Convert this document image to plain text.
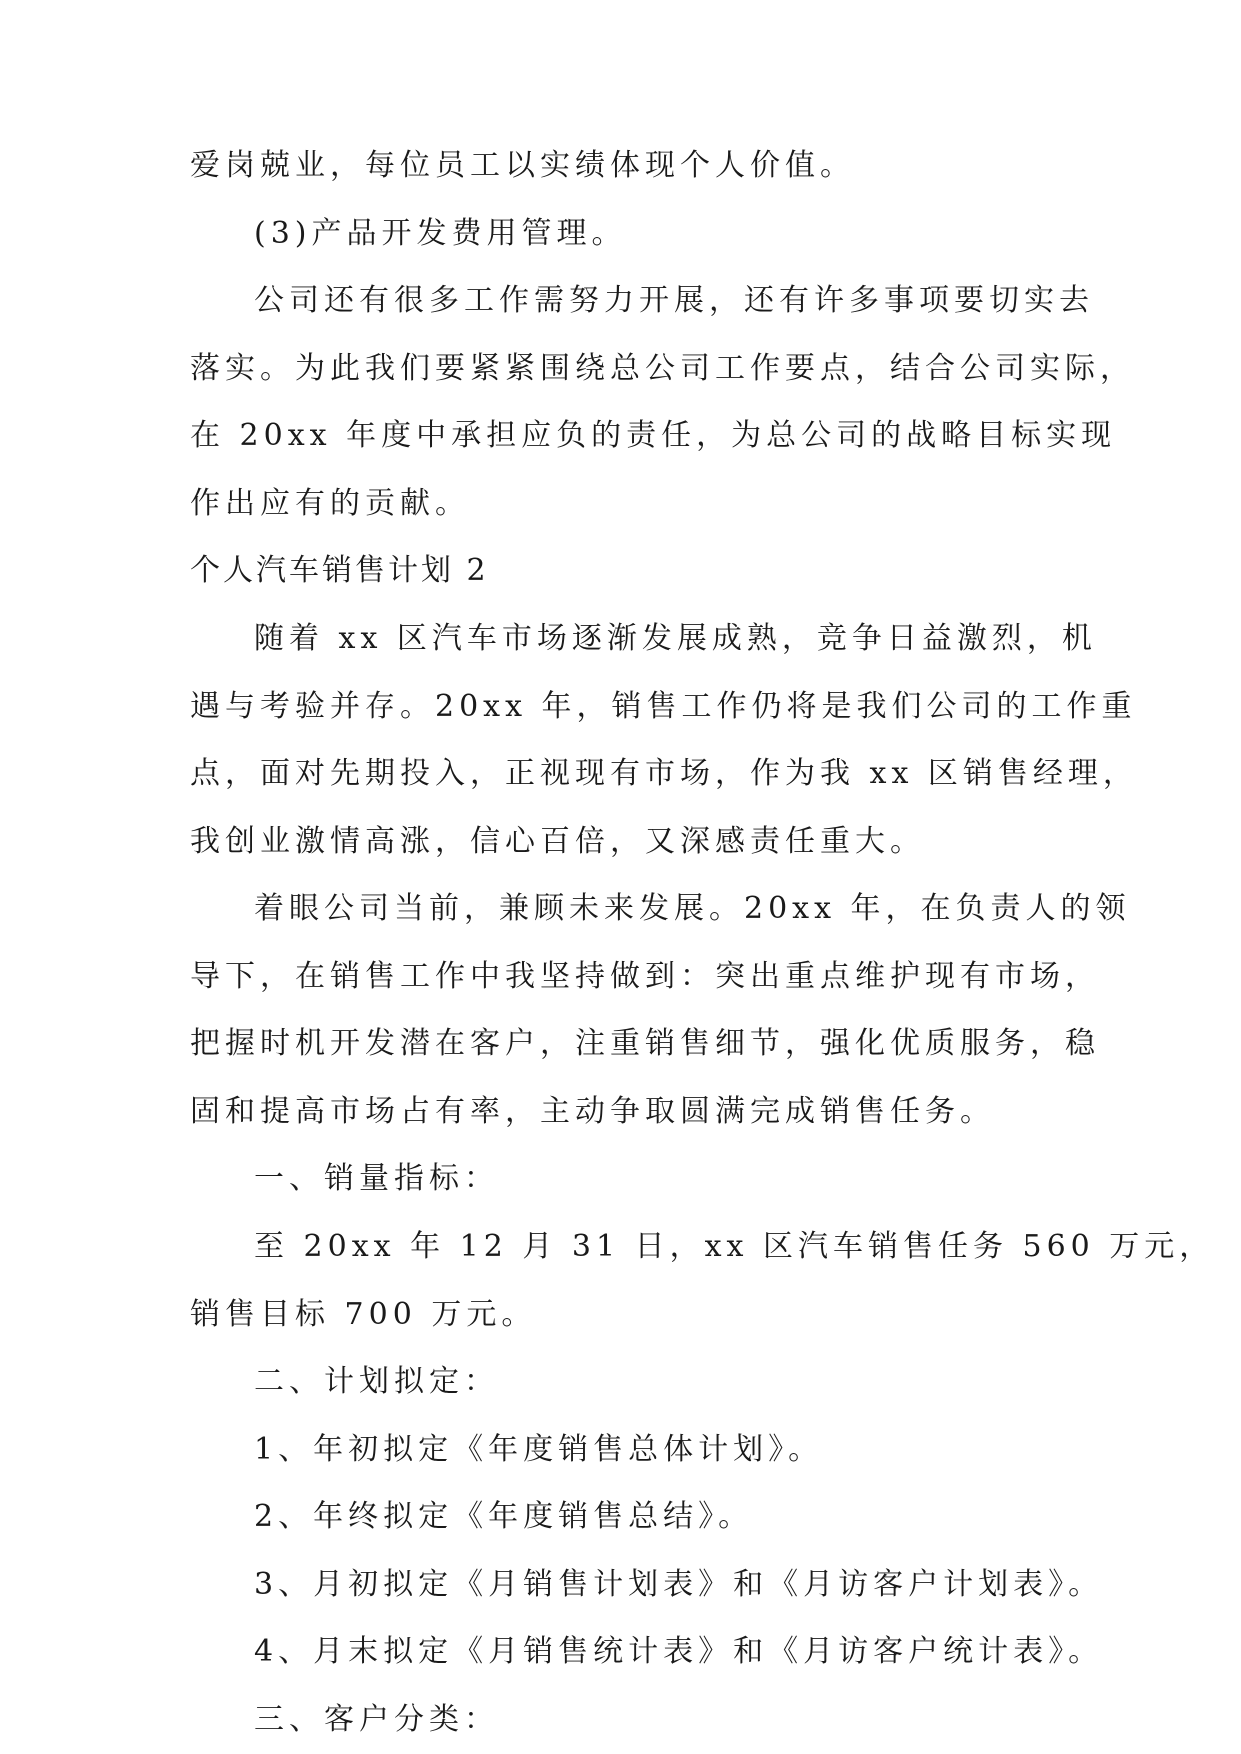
爱岗兢业，每位员工以实绩体现个人价值。
(3)产品开发费用管理。
公司还有很多工作需努力开展，还有许多事项要切实去
落实。为此我们要紧紧围绕总公司工作要点，结合公司实际，
在 20xx 年度中承担应负的责任，为总公司的战略目标实现
作出应有的贡献。
个人汽车销售计划 2
随着 xx 区汽车市场逐渐发展成熟，竞争日益激烈，机
遇与考验并存。20xx 年，销售工作仍将是我们公司的工作重
点，面对先期投入，正视现有市场，作为我 xx 区销售经理，
我创业激情高涨，信心百倍，又深感责任重大。
着眼公司当前，兼顾未来发展。20xx 年，在负责人的领
导下，在销售工作中我坚持做到：突出重点维护现有市场，
把握时机开发潜在客户，注重销售细节，强化优质服务，稳
固和提高市场占有率，主动争取圆满完成销售任务。
一、销量指标：
至 20xx 年 12 月 31 日，xx 区汽车销售任务 560 万元，
销售目标 700 万元。
二、计划拟定：
1、年初拟定《年度销售总体计划》。
2、年终拟定《年度销售总结》。
3、月初拟定《月销售计划表》和《月访客户计划表》。
4、月末拟定《月销售统计表》和《月访客户统计表》。
三、客户分类：
